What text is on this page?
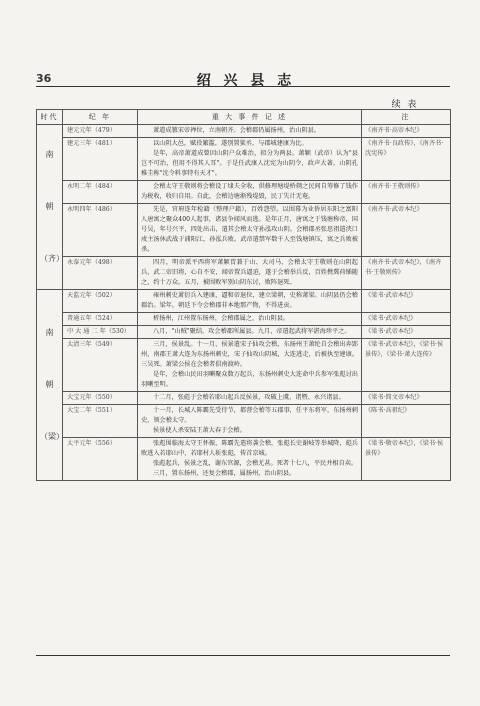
36	绍 兴 县 志
续 表
时代	纪 年	重 大 事 件 记 述	注

南
朝
（齐）	建元元年（479）	萧道成篡宋帝禅位，立南朝齐。会稽郡仍属扬州，治山阴县。	《南齐书·高帝本纪》
	建元三年（481）	以山阴大邑，赋役繁滥，遂别置狱丞，与郡城建康为比。

是年，高帝萧道成曾因山阴户众难治，拟分为两县。萧颖（武帝）认为"县岂不可治，但用不得其人耳"。于是任武康人沈宪为山阴令，政声大著。山阴孔稚圭称"沈令料事特有天才"。	《南齐书·良政传》，《南齐书·沈宪传》
	永明二年（484）	会稽太守王敬则将会稽设丁埭夫全收，供修理塘堤桥剃之民间自筹修了钱作为税收，收归自用。自此，会稽边塘渐残堤毁，民丁失计无奄。	《南齐书·王敬则传》
	永明四年（486）	先是，官府连年检籍（整理户籍），百姓怨望。以围幕为业侨居东阳之富阳人唐寓之聚众400人起事，诸县争闻风而逃。是年正月，唐寓之于钱塘称帝，国号吴，年号兴平，四处出击，遣其会稽太守孙泓攻山阴。会稽郡丞张思祖遣浃口戍主汤休武战于浦阳江，孙泓兵败。武帝遣禁军数千人至钱塘镇压，寓之兵败被杀。	《南齐书·武帝本纪》
	永泰元年（498）	四月，明帝派平西将军萧颖胄兼于山、大司马、会稽太守王敬则在山阴起兵，武二帝旧将，心自不安，闻帝置兵逼迫，遂于会稽举兵反，百姓携冀荷锸随之，约十万众。五月，被围败军别山阴东讨，败阵退死。	《南齐书·武帝本纪》，《南齐书·王敬则传》

南
朝
（梁）	天监元年（502）	雍州刺史萧衍兵入建康，逼和帝退位，建立梁朝，史称萧梁。山阴县仍会稽郡治。梁年，朝廷下令会稽郡非本地那产物，不得进贡。	《梁书·武帝本纪》
	普通五年（524）	析扬州，江州置东扬州，会稽郡属之，治山阴县。	《梁书·武帝本纪》
	中 大 通 二 年（530）	八月，"山贼"聚结，攻会稽郡所属县。九月，帝遣起武将军湛海珍平之。	《梁书·武帝本纪》
	太清三年（549）	三月，侯景乱。十一月，侯景遣宋子仙攻会稽，东扬州王萧纶自会稽出奔郢州，南郡王萧大连为东扬州刺史，宋子仙攻山阴城，大连逃走，后被执至建康。三吴死。萧梁公侯在会稽者俱南渡岭。

是年，会稽山民田羽喇聚众数万起兵，东扬州刺史大连命中兵参军张彪讨出羽喇至明。	《梁书·武帝本纪》，《梁书·侯景传》，《梁书·萧大连传》
	大宝元年（550）	十二月，张彪于会稽若耶山起兵反侯景，攻破上虞、诸暨、永兴诸县。	《梁书·简文帝本纪》
	大宝二年（551）	十一月，长城人陈霸先受侍节，都督会稽等五郡事，任平东将军，东扬州刺史，领会稽太守。

侯景使人杀安陆王萧大春于会稽。	《陈书·高祖纪》
	太平元年（556）	张彪围临海太守王怀振，陈霸先遣将袭会稽，张彪长史谢岐等举城降，彪兵败逃入若耶山中，若耶村人斩张彪，传首京城。

张彪起兵，侯景之乱，谢东官源，会稽尤甚。死者十七八，平民并相自卖。

三月，置东扬州，还复会稽郡，属扬州，治山阴县。	《梁书·敬帝本纪》，《梁书·侯景传》
